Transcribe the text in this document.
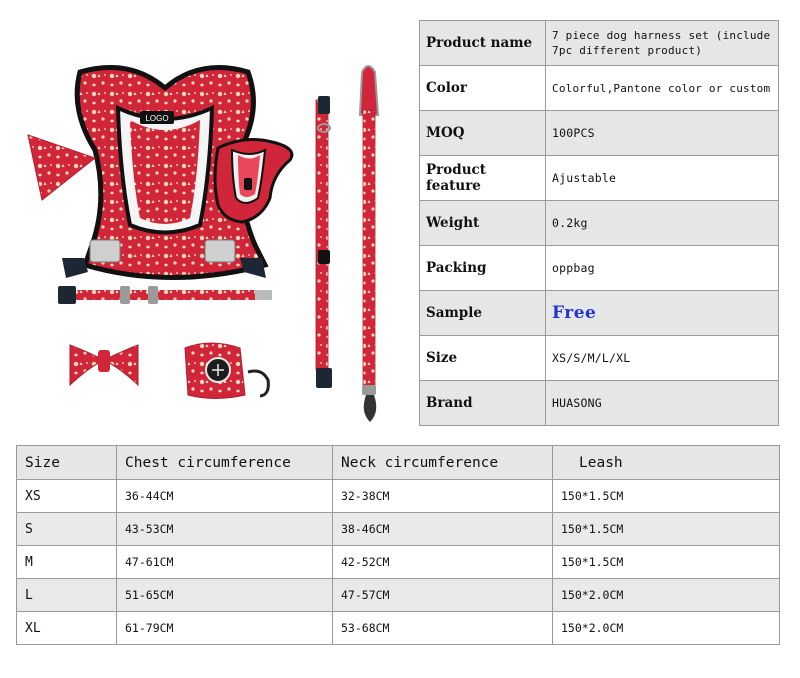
LOGO
Product name	7 piece dog harness set (include 7pc different product)
Color	Colorful,Pantone color or custom
MOQ	100PCS
Product feature	Ajustable
Weight	0.2kg
Packing	oppbag
Sample	Free
Size	XS/S/M/L/XL
Brand	HUASONG
Size	Chest circumference	Neck circumference	Leash
XS	36-44CM	32-38CM	150*1.5CM
S	43-53CM	38-46CM	150*1.5CM
M	47-61CM	42-52CM	150*1.5CM
L	51-65CM	47-57CM	150*2.0CM
XL	61-79CM	53-68CM	150*2.0CM
